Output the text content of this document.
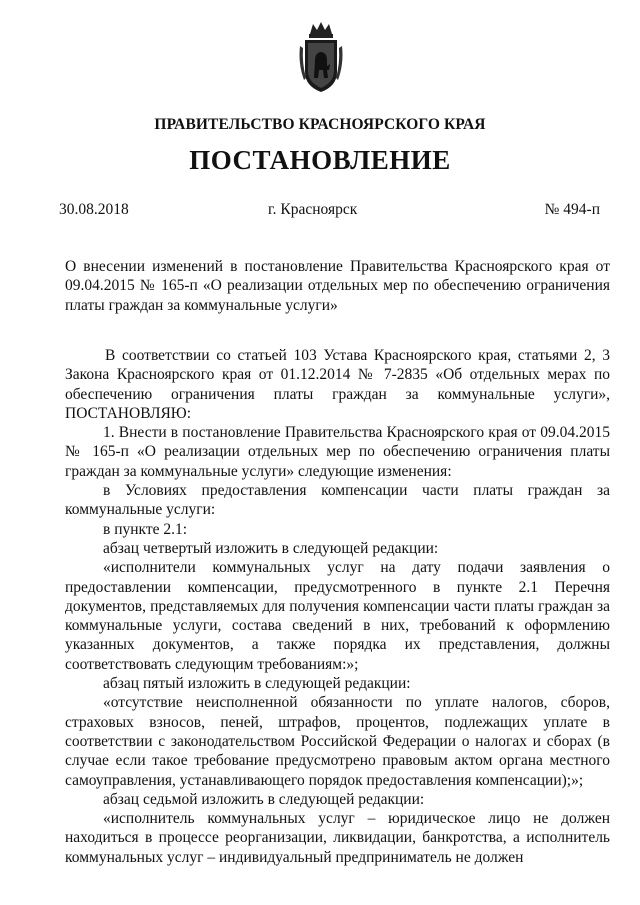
ПРАВИТЕЛЬСТВО КРАСНОЯРСКОГО КРАЯ
ПОСТАНОВЛЕНИЕ
30.08.2018	г. Красноярск	№ 494-п
О внесении изменений в постановление Правительства Красноярского края от 09.04.2015 № 165-п «О реализации отдельных мер по обеспечению ограничения платы граждан за коммунальные услуги»

В соответствии со статьей 103 Устава Красноярского края, статьями 2, 3 Закона Красноярского края от 01.12.2014 № 7-2835 «Об отдельных мерах по обеспечению ограничения платы граждан за коммунальные услуги», ПОСТАНОВЛЯЮ:

1. Внести в постановление Правительства Красноярского края от 09.04.2015 № 165-п «О реализации отдельных мер по обеспечению ограничения платы граждан за коммунальные услуги» следующие изменения:

в Условиях предоставления компенсации части платы граждан за коммунальные услуги:

в пункте 2.1:

абзац четвертый изложить в следующей редакции:

«исполнители коммунальных услуг на дату подачи заявления о предоставлении компенсации, предусмотренного в пункте 2.1 Перечня документов, представляемых для получения компенсации части платы граждан за коммунальные услуги, состава сведений в них, требований к оформлению указанных документов, а также порядка их представления, должны соответствовать следующим требованиям:»;

абзац пятый изложить в следующей редакции:

«отсутствие неисполненной обязанности по уплате налогов, сборов, страховых взносов, пеней, штрафов, процентов, подлежащих уплате в соответствии с законодательством Российской Федерации о налогах и сборах (в случае если такое требование предусмотрено правовым актом органа местного самоуправления, устанавливающего порядок предоставления компенсации);»;

абзац седьмой изложить в следующей редакции:

«исполнитель коммунальных услуг – юридическое лицо не должен находиться в процессе реорганизации, ликвидации, банкротства, а исполнитель коммунальных услуг – индивидуальный предприниматель не должен
